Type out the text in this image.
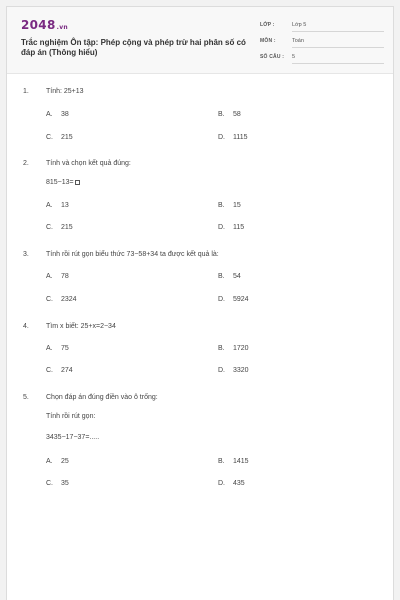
2048.vn
Trắc nghiệm Ôn tập: Phép cộng và phép trừ hai phân số có đáp án (Thông hiểu)
LỚP :	Lớp 5
MÔN :	Toán
SỐ CÂU : 5
1. Tính: 25+13
A. 38	B. 58
C. 215	D. 1115
2. Tính và chọn kết quả đúng:
815−13=
A. 13	B. 15
C. 215	D. 115
3. Tính rồi rút gọn biểu thức 73−58+34 ta được kết quả là:
A. 78	B. 54
C. 2324	D. 5924
4. Tìm x biết: 25+x=2−34
A. 75	B. 1720
C. 274	D. 3320
5. Chọn đáp án đúng điền vào ô trống:
Tính rồi rút gọn:
3435−17−37=.....
A. 25	B. 1415
C. 35	D. 435
